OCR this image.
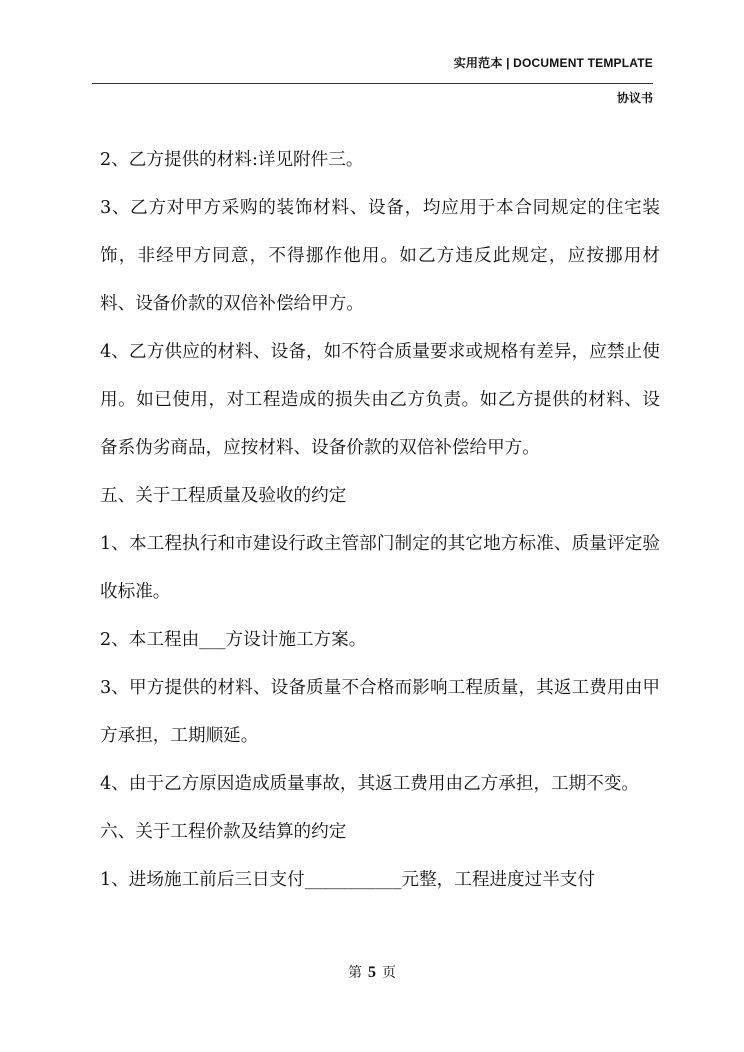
实用范本 | DOCUMENT TEMPLATE
协议书

2、乙方提供的材料:详见附件三。

3、乙方对甲方采购的装饰材料、设备，均应用于本合同规定的住宅装饰，非经甲方同意，不得挪作他用。如乙方违反此规定，应按挪用材料、设备价款的双倍补偿给甲方。

4、乙方供应的材料、设备，如不符合质量要求或规格有差异，应禁止使用。如已使用，对工程造成的损失由乙方负责。如乙方提供的材料、设备系伪劣商品，应按材料、设备价款的双倍补偿给甲方。

五、关于工程质量及验收的约定

1、本工程执行和市建设行政主管部门制定的其它地方标准、质量评定验收标准。

2、本工程由___方设计施工方案。

3、甲方提供的材料、设备质量不合格而影响工程质量，其返工费用由甲方承担，工期顺延。

4、由于乙方原因造成质量事故，其返工费用由乙方承担，工期不变。

六、关于工程价款及结算的约定

1、进场施工前后三日支付___________元整，工程进度过半支付

第 5 页
